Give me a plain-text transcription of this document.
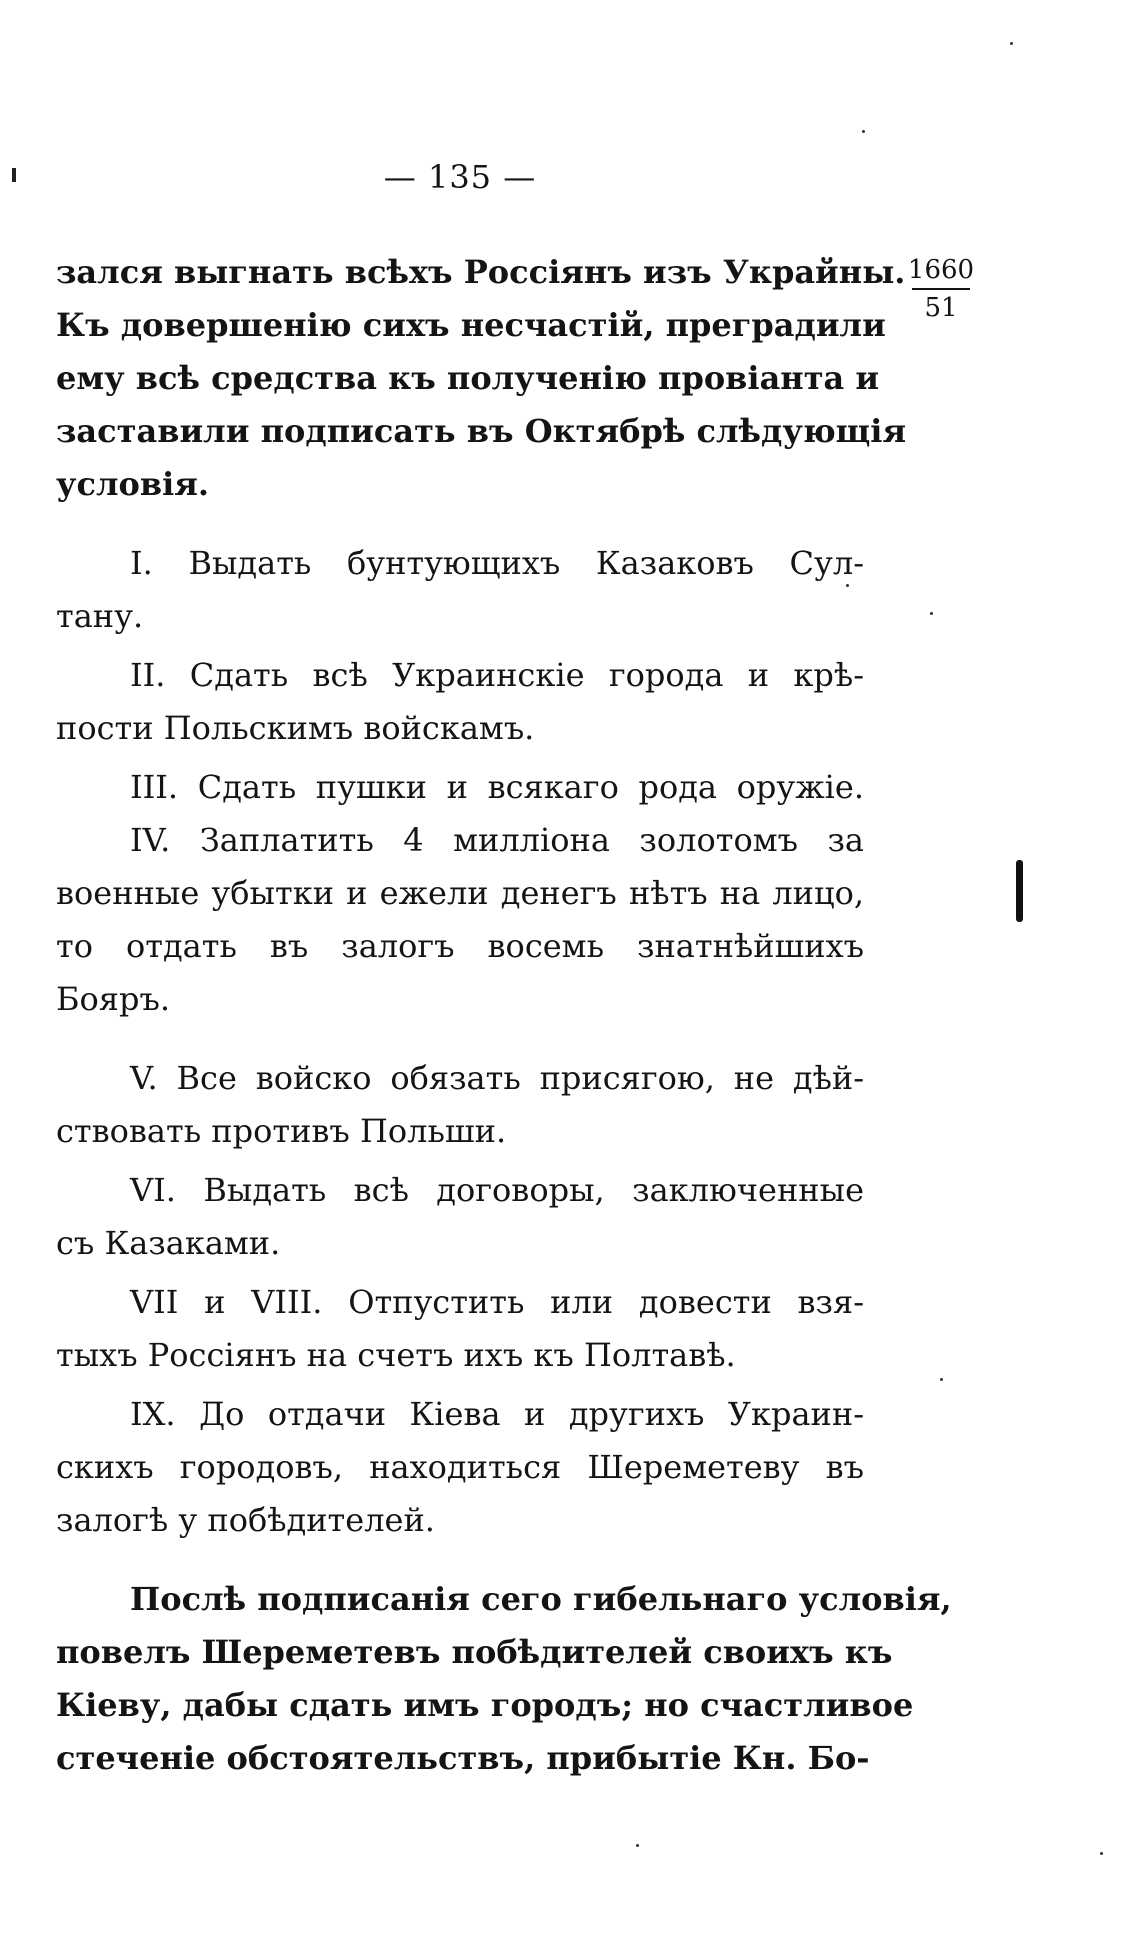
— 135 —
1660
51
зался выгнать всѣхъ Россіянъ изъ Украйны.
Къ довершенію сихъ несчастій, преградили
ему всѣ средства къ полученію провіанта и
заставили подписать въ Октябрѣ слѣдующія
условія.
I. Выдать бунтующихъ Казаковъ Сул-
тану.
II. Сдать всѣ Украинскіе города и крѣ-
пости Польскимъ войскамъ.
III. Сдать пушки и всякаго рода оружіе.
IV. Заплатить 4 милліона золотомъ за
военные убытки и ежели денегъ нѣтъ на лицо,
то отдать въ залогъ восемь знатнѣйшихъ
Бояръ.
V. Все войско обязать присягою, не дѣй-
ствовать противъ Польши.
VI. Выдать всѣ договоры, заключенные
съ Казаками.
VII и VIII. Отпустить или довести взя-
тыхъ Россіянъ на счетъ ихъ къ Полтавѣ.
IX. До отдачи Кіева и другихъ Украин-
скихъ городовъ, находиться Шереметеву въ
залогѣ у побѣдителей.
Послѣ подписанія сего гибельнаго условія,
повелъ Шереметевъ побѣдителей своихъ къ
Кіеву, дабы сдать имъ городъ; но счастливое
стеченіе обстоятельствъ, прибытіе Кн. Бо-
